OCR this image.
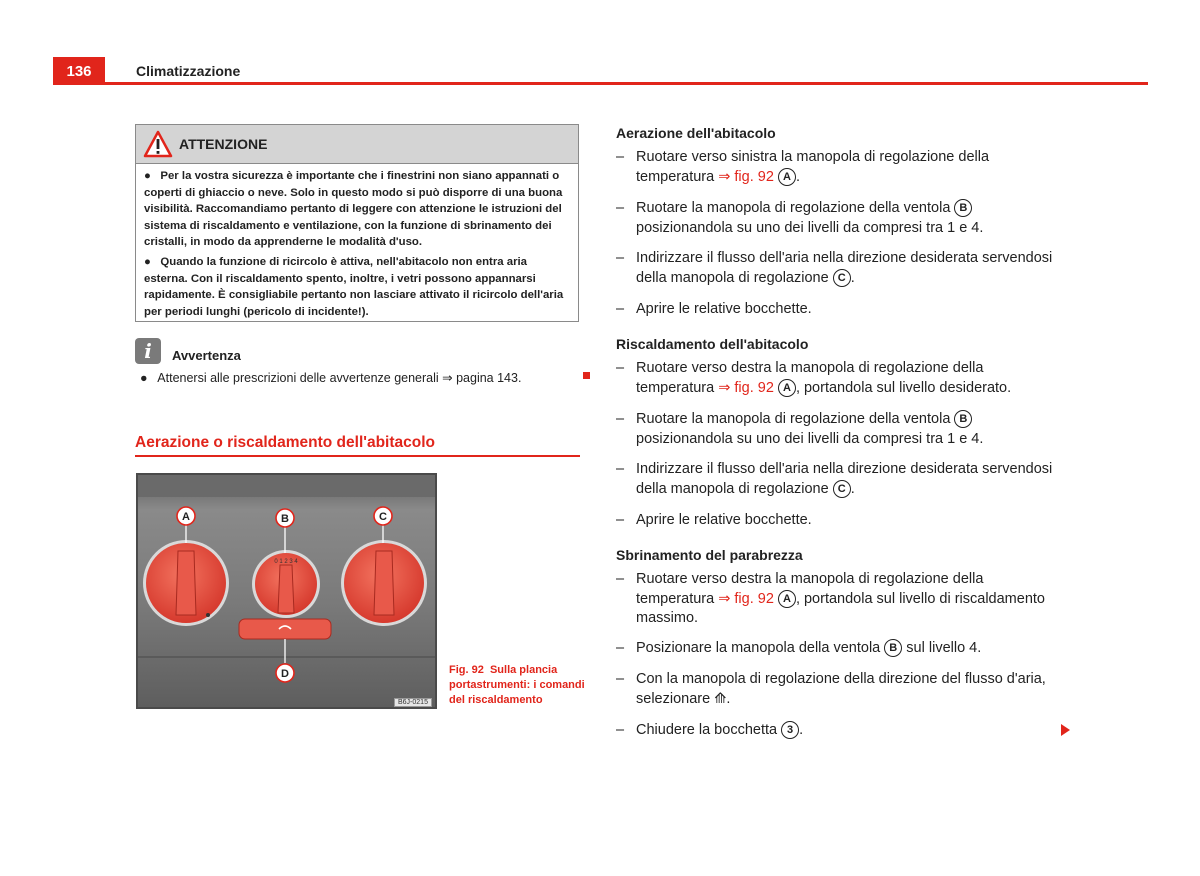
136	Climatizzazione
ATTENZIONE

●   Per la vostra sicurezza è importante che i finestrini non siano appannati o coperti di ghiaccio o neve. Solo in questo modo si può disporre di una buona visibilità. Raccomandiamo pertanto di leggere con attenzione le istruzioni del sistema di riscaldamento e ventilazione, con la funzione di sbrinamento dei cristalli, in modo da apprenderne le modalità d'uso.

●   Quando la funzione di ricircolo è attiva, nell'abitacolo non entra aria esterna. Con il riscaldamento spento, inoltre, i vetri possono appannarsi rapidamente. È consigliabile pertanto non lasciare attivato il ricircolo dell'aria per periodi lunghi (pericolo di incidente!).

i	Avvertenza
●   Attenersi alle prescrizioni delle avvertenze generali ⇒ pagina 143.
Aerazione o riscaldamento dell'abitacolo
0 1 2 3 4
A	B	C
D
B6J-0215
Fig. 92 Sulla plancia portastrumenti: i comandi del riscaldamento
Aerazione dell'abitacolo
– Ruotare verso sinistra la manopola di regolazione della temperatura ⇒ fig. 92 A .
– Ruotare la manopola di regolazione della ventola B posizionandola su uno dei livelli da compresi tra 1 e 4.
– Indirizzare il flusso dell'aria nella direzione desiderata servendosi della manopola di regolazione C .
– Aprire le relative bocchette.
Riscaldamento dell'abitacolo
– Ruotare verso destra la manopola di regolazione della temperatura ⇒ fig. 92 A , portandola sul livello desiderato.
– Ruotare la manopola di regolazione della ventola B posizionandola su uno dei livelli da compresi tra 1 e 4.
– Indirizzare il flusso dell'aria nella direzione desiderata servendosi della manopola di regolazione C .
– Aprire le relative bocchette.
Sbrinamento del parabrezza
– Ruotare verso destra la manopola di regolazione della temperatura ⇒ fig. 92 A , portandola sul livello di riscaldamento massimo.
– Posizionare la manopola della ventola B sul livello 4.
– Con la manopola di regolazione della direzione del flusso d'aria, selezionare ⟰.
– Chiudere la bocchetta 3 .
